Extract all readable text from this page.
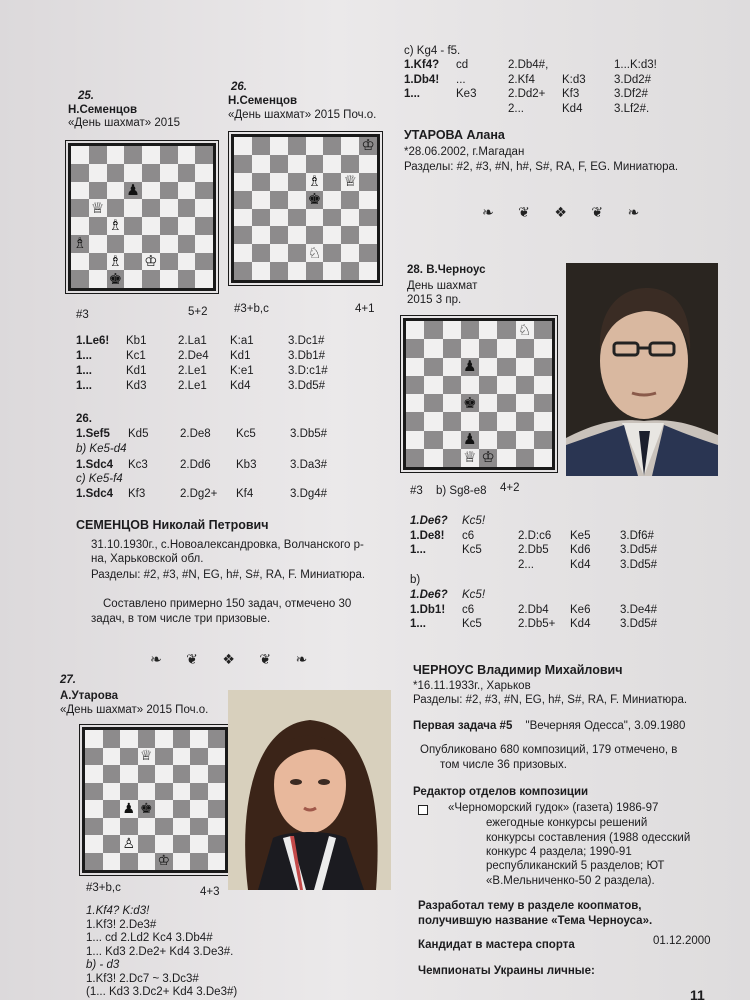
25.
Н.Семенцов
«День шахмат» 2015
♟
♕
♗
♗
♗ ♔
♚
#3	5+2
26.
Н.Семенцов
«День шахмат» 2015 Поч.о.
♔
♗ ♕
♚
♘
#3+b,c	4+1
1.Le6! Kb1	2.La1 K:a1	3.Dc1#
1...	Kc1	2.De4 Kd1	3.Db1#
1...	Kd1	2.Le1 K:e1	3.D:c1#
1...	Kd3	2.Le1 Kd4	3.Dd5#
26.
1.Sef5 Kd5	2.De8 Kc5	3.Db5#
b) Ke5-d4
1.Sdc4 Kc3	2.Dd6 Kb3	3.Da3#
c) Ke5-f4
1.Sdc4 Kf3	2.Dg2+ Kf4	3.Dg4#
СЕМЕНЦОВ Николай Петрович
31.10.1930г., с.Новоалександровка, Волчанского р-
на, Харьковской обл.
Разделы: #2, #3, #N, EG, h#, S#, RA, F. Миниатюра.
Составлено примерно 150 задач, отмечено 30
задач, в том числе три призовые.
❧ ❦ ❖ ❦ ❧
27.
А.Утарова
«День шахмат» 2015 Поч.о.
♕
♟ ♚
♙
♔
#3+b,c	4+3
1.Kf4? K:d3!
1.Kf3! 2.De3#
1... cd 2.Ld2 Kc4 3.Db4#
1... Kd3 2.De2+ Kd4 3.De3#.
b) - d3
1.Kf3! 2.Dc7 ~ 3.Dc3#
(1... Kd3 3.Dc2+ Kd4 3.De3#)
c) Kg4 - f5.
1.Kf4? cd	2.Db4#,	1...K:d3!
1.Db4! ...	2.Kf4 K:d3 3.Dd2#
1...	Ke3	2.Dd2+ Kf3	3.Df2#
2...	Kd4	3.Lf2#.
УТАРОВА Алана
*28.06.2002, г.Магадан
Разделы: #2, #3, #N, h#, S#, RA, F, EG. Миниатюра.
❧ ❦ ❖ ❦ ❧
28. В.Черноус
День шахмат
2015 3 пр.
♘
♟
♚
♟
♕ ♔
#3 b) Sg8-e8 4+2
1.De6? Kc5!
1.De8! c6	2.D:c6 Ke5	3.Df6#
1...	Kc5	2.Db5 Kd6	3.Dd5#
2...	Kd4	3.Dd5#
b)
1.De6? Kc5!
1.Db1! c6	2.Db4 Ke6	3.De4#
1...	Kc5	2.Db5+ Kd4	3.Dd5#
ЧЕРНОУС Владимир Михайлович
*16.11.1933г., Харьков
Разделы: #2, #3, #N, EG, h#, S#, RA, F. Миниатюра.
Первая задача #5 "Вечерняя Одесса", 3.09.1980
Опубликовано 680 композиций, 179 отмечено, в
том числе 36 призовых.
Редактор отделов композиции
«Черноморский гудок» (газета) 1986-97
ежегодные конкурсы решений
конкурсы составления (1988 одесский
конкурс 4 раздела; 1990-91
республиканский 5 разделов; ЮТ
«В.Мельниченко-50 2 раздела).
Разработал тему в разделе коопматов,
получившую название «Тема Черноуса».
Кандидат в мастера спорта	01.12.2000
Чемпионаты Украины личные:
11
